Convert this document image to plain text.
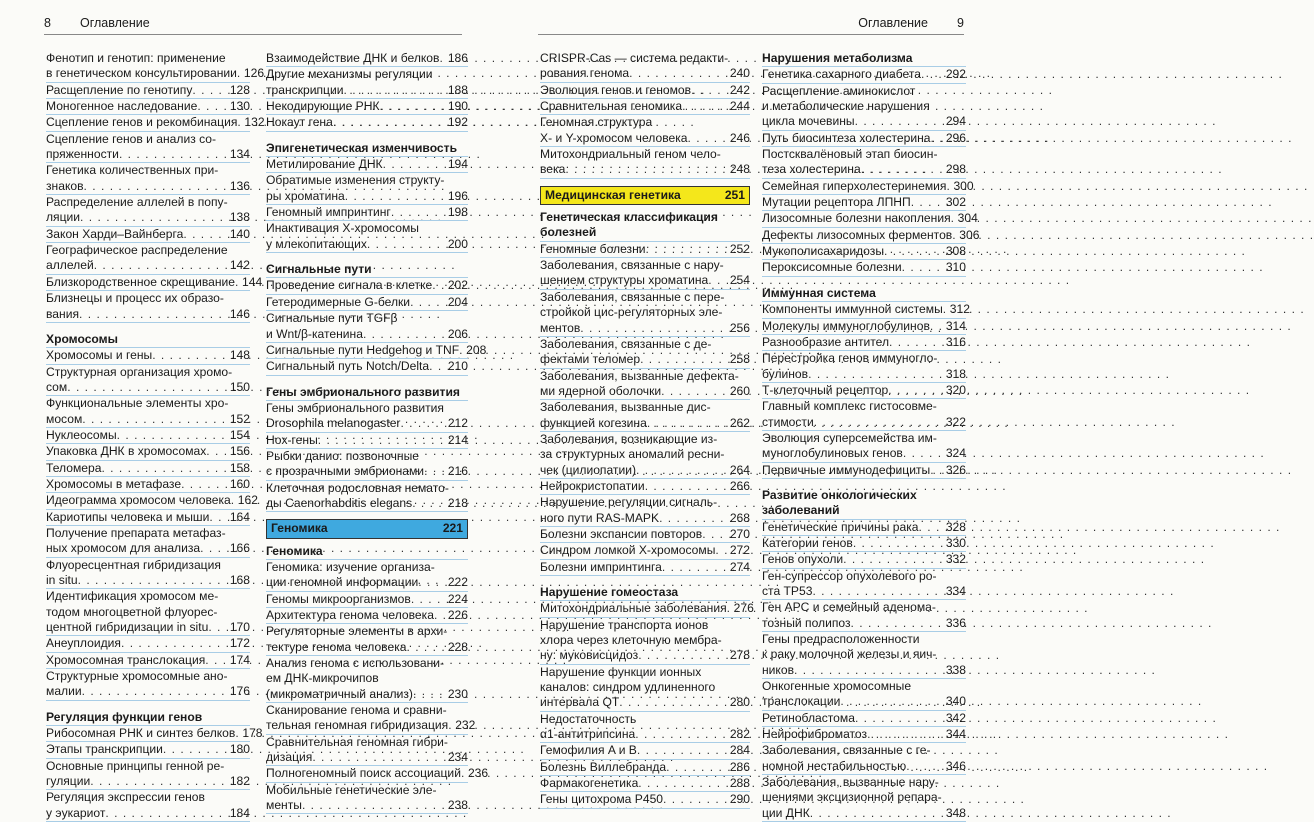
8 Оглавление	Оглавление 9
Фенотип и генотип: применение
в генетическом консультировании . . . 126
Расщепление по генотипу . . .	128
Моногенное наследование . . .	130
Сцепление генов и рекомбинация . . . 132
Сцепление генов и анализ со-
пряженности . . .	134
Генетика количественных при-
знаков . . .	136
Распределение аллелей в попу-
ляции . . .	138
Закон Харди–Вайнберга . . .	140
Географическое распределение
аллелей . . .	142
Близкородственное скрещивание . . . 144
Близнецы и процесс их образо-
вания . . .	146
Хромосомы
Хромосомы и гены . . .	148
Структурная организация хромо-
сом . . .	150
Функциональные элементы хро-
мосом . . .	152
Нуклеосомы . . .	154
Упаковка ДНК в хромосомах . . . 156
Теломера . . .	158
Хромосомы в метафазе . . .	160
Идеограмма хромосом человека . . . 162
Кариотипы человека и мыши . . . 164
Получение препарата метафаз-
ных хромосом для анализа . . . 166
Флуоресцентная гибридизация
in situ . . .	168
Идентификация хромосом ме-
тодом многоцветной флуорес-
центной гибридизации in situ . . . 170
Анеуплоидия . . .	172
Хромосомная транслокация . . . 174
Структурные хромосомные ано-
малии . . .	176
Регуляция функции генов
Рибосомная РНК и синтез белков . . . 178
Этапы транскрипции . . .	180
Основные принципы генной ре-
гуляции . . .	182
Регуляция экспрессии генов
у эукариот . . .	184
Взаимодействие ДНК и белков . . . 186
Другие механизмы регуляции
транскрипции . . .	188
Некодирующие РНК . . .	190
Нокаут гена . . .	192
Эпигенетическая изменчивость
Метилирование ДНК . . .	194
Обратимые изменения структу-
ры хроматина . . .	196
Геномный импринтинг . . .	198
Инактивация X-хромосомы
у млекопитающих . . .	200
Сигнальные пути
Проведение сигнала в клетке . . . 202
Гетеродимерные G-белки . . .	204
Сигнальные пути TGFβ
и Wnt/β-катенина . . .	206
Сигнальные пути Hedgehog и TNF . . . 208
Сигнальный путь Notch/Delta . . . 210
Гены эмбрионального развития
Гены эмбрионального развития
Drosophila melanogaster . . .	212
Hox-гены . . .	214
Рыбки данио: позвоночные
с прозрачными эмбрионами . . . 216
Клеточная родословная немато-
ды Caenorhabditis elegans . . .	218
Геномика	221
Геномика
Геномика: изучение организа-
ции геномной информации . . . 222
Геномы микроорганизмов . . .	224
Архитектура генома человека . . . 226
Регуляторные элементы в архи-
тектуре генома человека . . .	228
Анализ генома с использовани-
ем ДНК-микрочипов
(микроматричный анализ) . . .	230
Сканирование генома и сравни-
тельная геномная гибридизация . . . 232
Сравнительная геномная гибри-
дизация . . .	234
Полногеномный поиск ассоциаций . . . 236
Мобильные генетические эле-
менты . . .	238
CRISPR-Cas — система редакти-
рования генома . . .	240
Эволюция генов и геномов . . .	242
Сравнительная геномика . . .	244
Геномная структура
X- и Y-хромосом человека . . .	246
Митохондриальный геном чело-
века . . .	248
Медицинская генетика	251
Генетическая классификация болезней
Геномные болезни . . .	252
Заболевания, связанные с нару-
шением структуры хроматина . . . 254
Заболевания, связанные с пере-
стройкой цис-регуляторных эле-
ментов . . .	256
Заболевания, связанные с де-
фектами теломер . . .	258
Заболевания, вызванные дефекта-
ми ядерной оболочки . . .	260
Заболевания, вызванные дис-
функцией когезина . . .	262
Заболевания, возникающие из-
за структурных аномалий ресни-
чек (цилиопатии) . . .	264
Нейрокристопатии . . .	266
Нарушение регуляции сигналь-
ного пути RAS-MAPK . . .	268
Болезни экспансии повторов . . . 270
Синдром ломкой X-хромосомы . . . 272
Болезни импринтинга . . .	274
Нарушение гомеостаза
Митохондриальные заболевания . . . 276
Нарушение транспорта ионов
хлора через клеточную мембра-
ну: муковисцидоз . . .	278
Нарушение функции ионных
каналов: синдром удлиненного
интервала QT . . .	280
Недостаточность
α1-антитрипсина . . .	282
Гемофилия A и B . . .	284
Болезнь Виллебранда . . .	286
Фармакогенетика . . .	288
Гены цитохрома P450 . . .	290
Нарушения метаболизма
Генетика сахарного диабета . . . 292
Расщепление аминокислот
и метаболические нарушения
цикла мочевины . . .	294
Путь биосинтеза холестерина . . . 296
Постсквалёновый этап биосин-
теза холестерина . . .	298
Семейная гиперхолестеринемия . . . 300
Мутации рецептора ЛПНП . . .	302
Лизосомные болезни накопления . . . 304
Дефекты лизосомных ферментов . . . 306
Мукополисахаридозы . . .	308
Пероксисомные болезни . . .	310
Иммунная система
Компоненты иммунной системы . . . 312
Молекулы иммуноглобулинов . . . 314
Разнообразие антител . . .	316
Перестройка генов иммуногло-
булинов . . .	318
Т-клеточный рецептор . . .	320
Главный комплекс гистосовме-
стимости . . .	322
Эволюция суперсемейства им-
муноглобулиновых генов . . .	324
Первичные иммунодефициты . . . 326
Развитие онкологических заболеваний
Генетические причины рака . . . 328
Категории генов . . .	330
Генов опухоли . . .	332
Ген-супрессор опухолевого ро-
ста TP53 . . .	334
Ген APC и семейный аденома-
тозный полипоз . . .	336
Гены предрасположенности
к раку молочной железы и яич-
ников . . .	338
Онкогенные хромосомные
транслокации . . .	340
Ретинобластома . . .	342
Нейрофиброматоз . . .	344
Заболевания, связанные с ге-
номной нестабильностью . . .	346
Заболевания, вызванные нару-
шениями эксцизионной репара-
ции ДНК . . .	348
